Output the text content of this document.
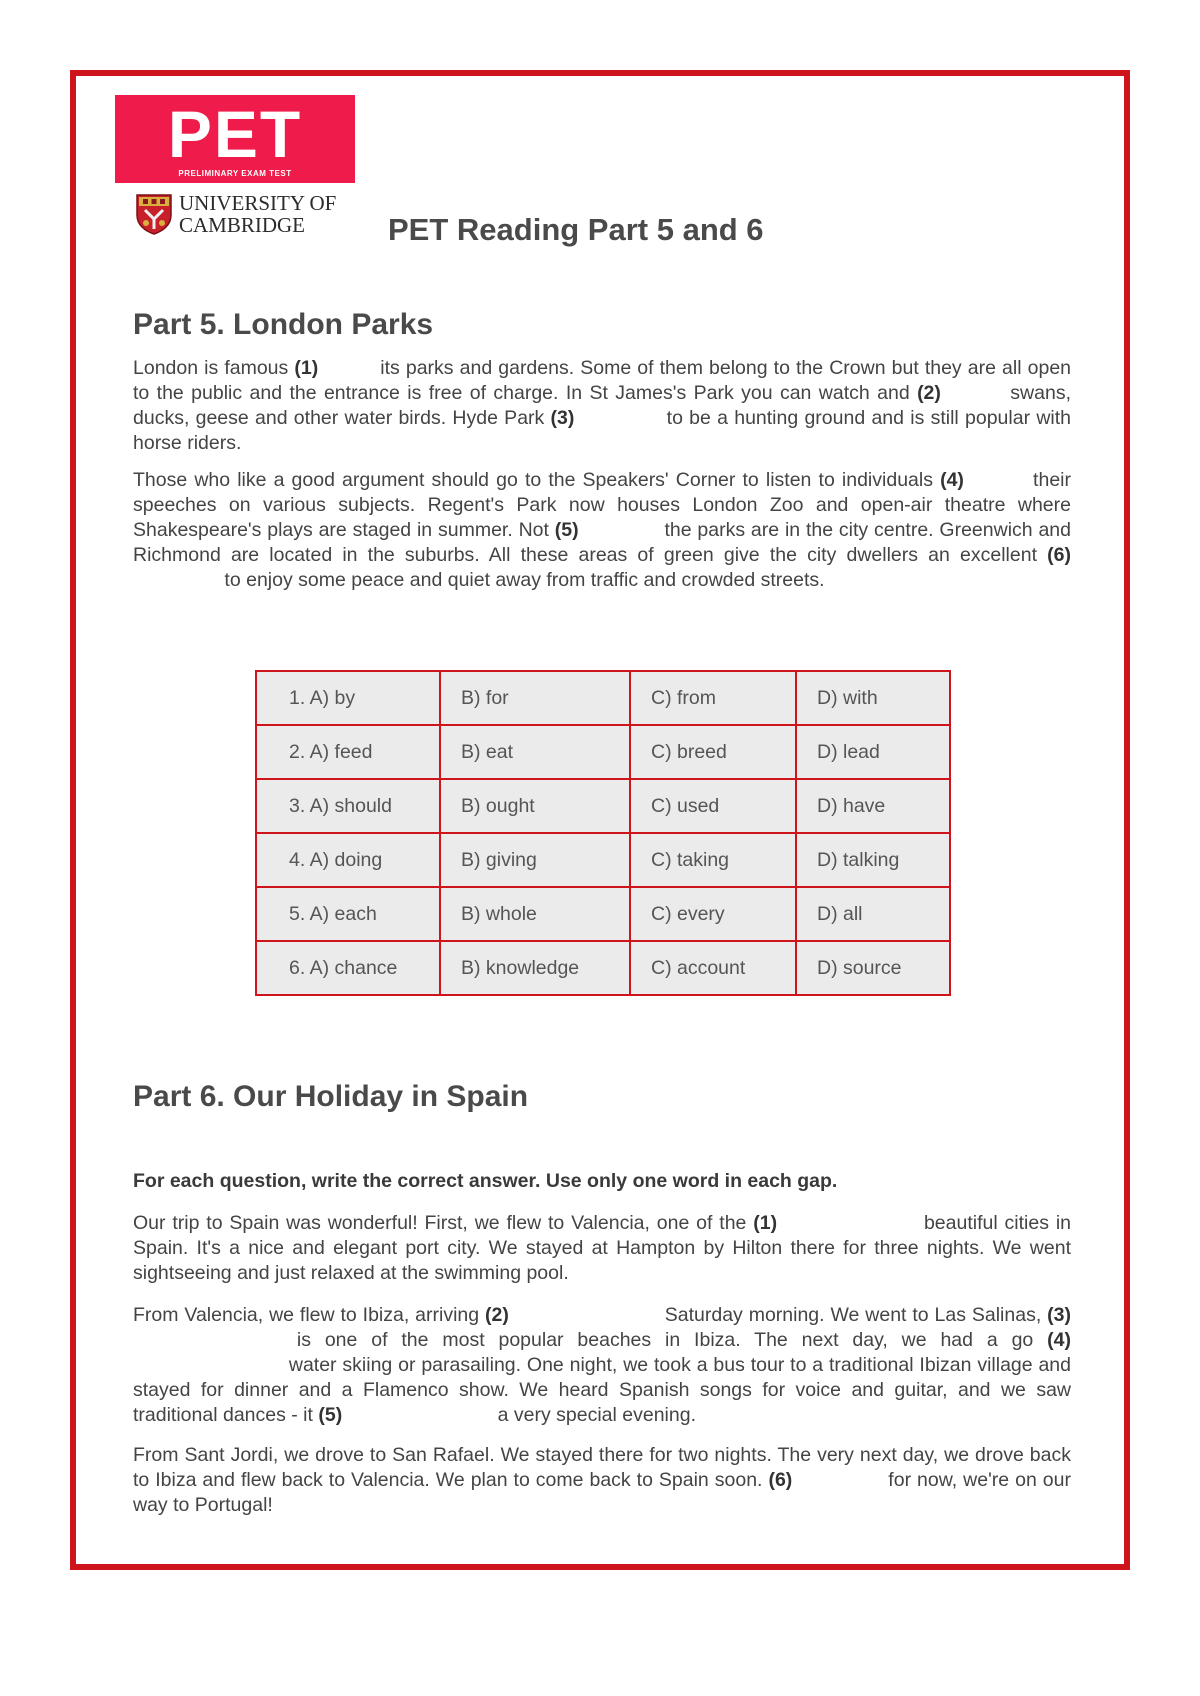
PET
PRELIMINARY EXAM TEST
UNIVERSITY OF
CAMBRIDGE	PET Reading Part 5 and 6
Part 5. London Parks

London is famous (1)	its parks and gardens. Some of them belong to the Crown but they are all open to the public and the entrance is free of charge. In St James's Park you can watch and (2)	swans, ducks, geese and other water birds. Hyde Park (3)	to be a hunting ground and is still popular with horse riders.

Those who like a good argument should go to the Speakers' Corner to listen to individuals (4)	their speeches on various subjects. Regent's Park now houses London Zoo and open-air theatre where Shakespeare's plays are staged in summer. Not (5)	the parks are in the city centre. Greenwich and Richmond are located in the suburbs. All these areas of green give the city dwellers an excellent (6) to enjoy some peace and quiet away from traffic and crowded streets.

1. A) by	B) for	C) from	D) with
2. A) feed	B) eat	C) breed	D) lead
3. A) should	B) ought	C) used	D) have
4. A) doing	B) giving	C) taking	D) talking
5. A) each	B) whole	C) every	D) all
6. A) chance	B) knowledge	C) account	D) source
Part 6. Our Holiday in Spain

For each question, write the correct answer. Use only one word in each gap.

Our trip to Spain was wonderful! First, we flew to Valencia, one of the (1)	beautiful cities in Spain. It's a nice and elegant port city. We stayed at Hampton by Hilton there for three nights. We went sightseeing and just relaxed at the swimming pool.

From Valencia, we flew to Ibiza, arriving (2)	Saturday morning. We went to Las Salinas, (3) is one of the most popular beaches in Ibiza. The next day, we had a go (4) water skiing or parasailing. One night, we took a bus tour to a traditional Ibizan village and stayed for dinner and a Flamenco show. We heard Spanish songs for voice and guitar, and we saw traditional dances - it (5)	a very special evening.

From Sant Jordi, we drove to San Rafael. We stayed there for two nights. The very next day, we drove back to Ibiza and flew back to Valencia. We plan to come back to Spain soon. (6)	for now, we're on our way to Portugal!
